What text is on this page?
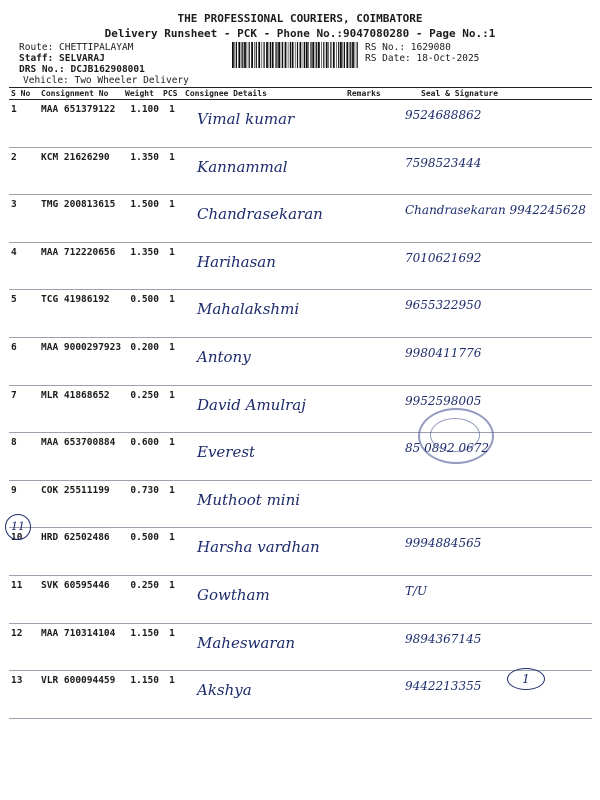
THE PROFESSIONAL COURIERS, COIMBATORE
Delivery Runsheet - PCK - Phone No.:9047080280 - Page No.:1
Route: CHETTIPALAYAM
Staff: SELVARAJ
DRS No.: DCJB162908001
Vehicle: Two Wheeler Delivery
RS No.: 1629080
RS Date: 18-Oct-2025
S No	Consignment No	Weight	PCS	Consignee Details	Remarks	Seal & Signature
1	MAA 651379122	1.100	1	Vimal kumar		9524688862

2	KCM 21626290	1.350	1	Kannammal		7598523444

3	TMG 200813615	1.500	1	Chandrasekaran		Chandrasekaran 9942245628

4	MAA 712220656	1.350	1	Harihasan		7010621692

5	TCG 41986192	0.500	1	Mahalakshmi		9655322950

6	MAA 9000297923	0.200	1	Antony		9980411776

7	MLR 41868652	0.250	1	David Amulraj		9952598005

8	MAA 653700884	0.600	1	Everest		85 0892 0672

9	COK 25511199	0.730	1	Muthoot mini		

10	HRD 62502486	0.500	1	Harsha vardhan		9994884565

11	SVK 60595446	0.250	1	Gowtham		T/U

12	MAA 710314104	1.150	1	Maheswaran		9894367145

13	VLR 600094459	1.150	1	Akshya		9442213355
11
1
